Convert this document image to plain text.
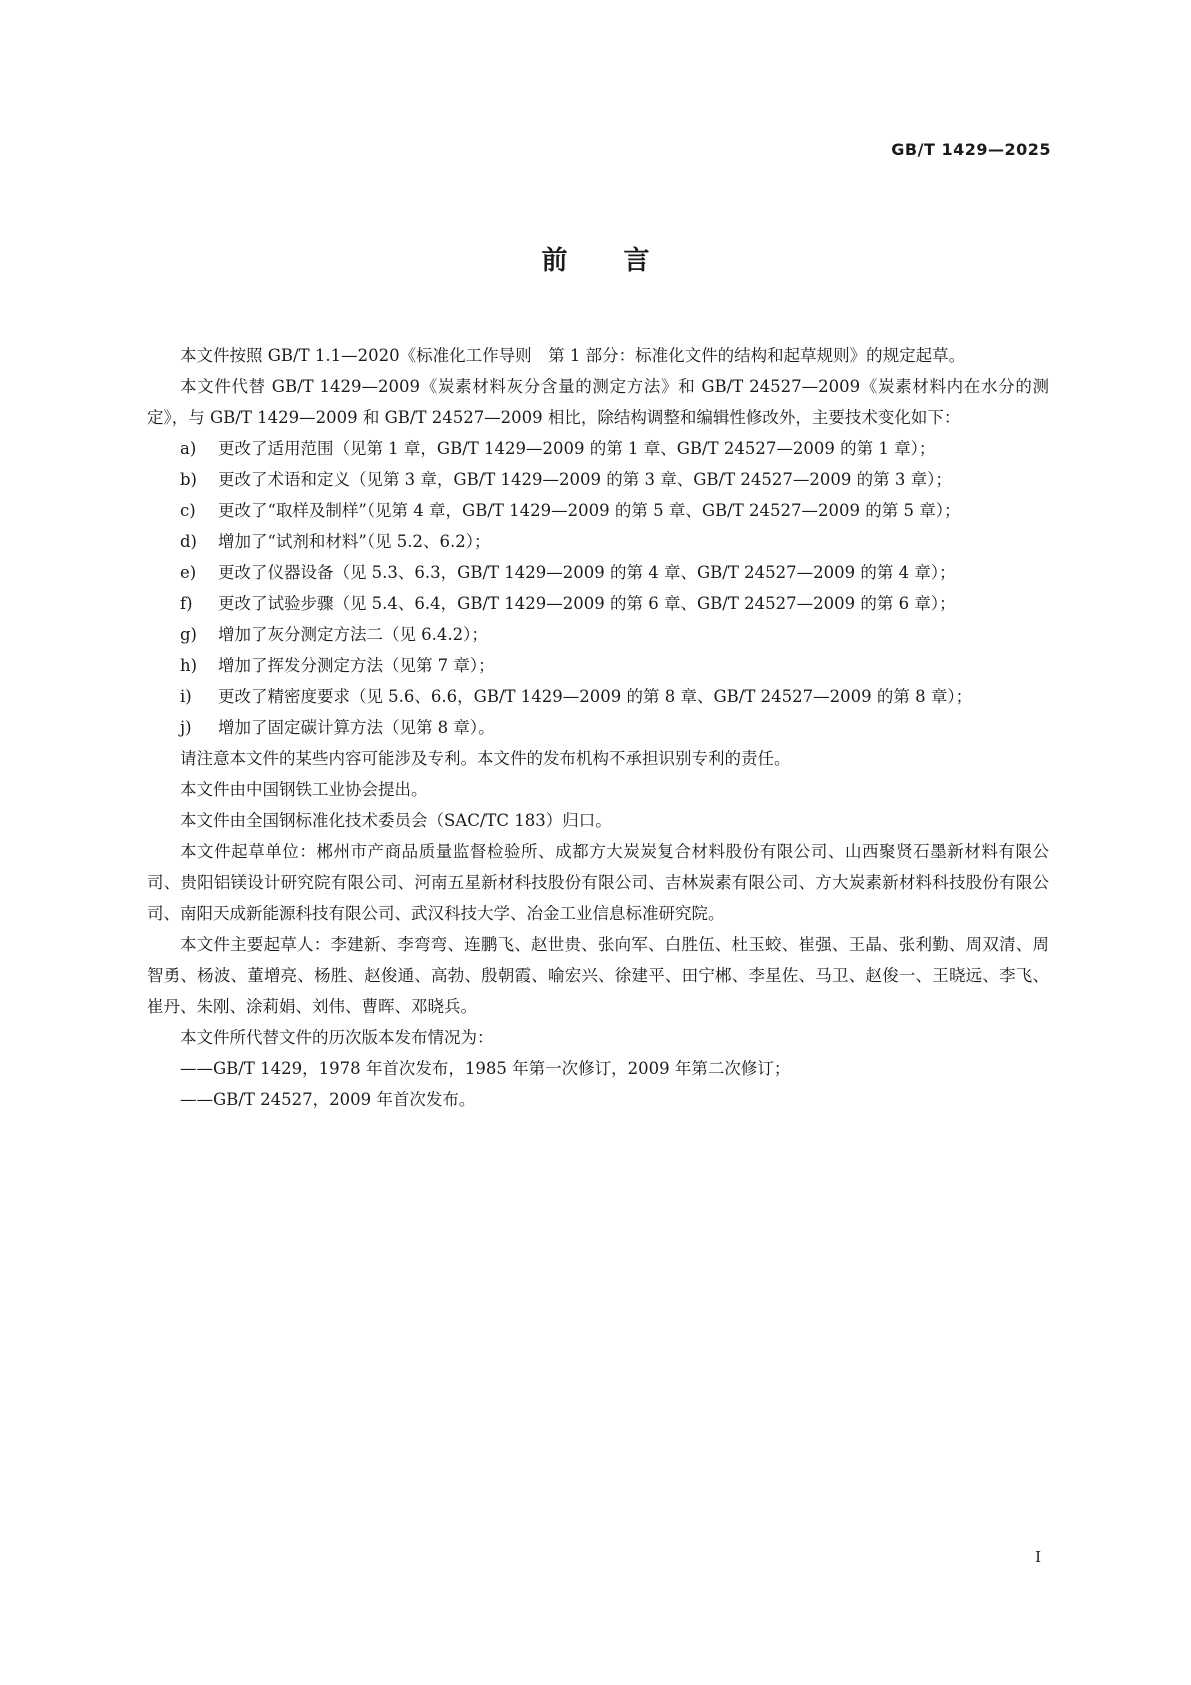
GB/T 1429—2025
前言

本文件按照 GB/T 1.1—2020《标准化工作导则　第 1 部分：标准化文件的结构和起草规则》的规定起草。

本文件代替 GB/T 1429—2009《炭素材料灰分含量的测定方法》和 GB/T 24527—2009《炭素材料内在水分的测定》，与 GB/T 1429—2009 和 GB/T 24527—2009 相比，除结构调整和编辑性修改外，主要技术变化如下：

a) 更改了适用范围（见第 1 章，GB/T 1429—2009 的第 1 章、GB/T 24527—2009 的第 1 章）；
b) 更改了术语和定义（见第 3 章，GB/T 1429—2009 的第 3 章、GB/T 24527—2009 的第 3 章）；
c) 更改了“取样及制样”（见第 4 章，GB/T 1429—2009 的第 5 章、GB/T 24527—2009 的第 5 章）；
d) 增加了“试剂和材料”（见 5.2、6.2）；
e) 更改了仪器设备（见 5.3、6.3，GB/T 1429—2009 的第 4 章、GB/T 24527—2009 的第 4 章）；
f) 更改了试验步骤（见 5.4、6.4，GB/T 1429—2009 的第 6 章、GB/T 24527—2009 的第 6 章）；
g) 增加了灰分测定方法二（见 6.4.2）；
h) 增加了挥发分测定方法（见第 7 章）；
i) 更改了精密度要求（见 5.6、6.6，GB/T 1429—2009 的第 8 章、GB/T 24527—2009 的第 8 章）；
j) 增加了固定碳计算方法（见第 8 章）。

请注意本文件的某些内容可能涉及专利。本文件的发布机构不承担识别专利的责任。

本文件由中国钢铁工业协会提出。

本文件由全国钢标准化技术委员会（SAC/TC 183）归口。

本文件起草单位：郴州市产商品质量监督检验所、成都方大炭炭复合材料股份有限公司、山西聚贤石墨新材料有限公司、贵阳铝镁设计研究院有限公司、河南五星新材科技股份有限公司、吉林炭素有限公司、方大炭素新材料科技股份有限公司、南阳天成新能源科技有限公司、武汉科技大学、冶金工业信息标准研究院。

本文件主要起草人：李建新、李弯弯、连鹏飞、赵世贵、张向军、白胜伍、杜玉蛟、崔强、王晶、张利勤、周双清、周智勇、杨波、董增亮、杨胜、赵俊通、高勃、殷朝霞、喻宏兴、徐建平、田宁郴、李星佐、马卫、赵俊一、王晓远、李飞、崔丹、朱刚、涂莉娟、刘伟、曹晖、邓晓兵。

本文件所代替文件的历次版本发布情况为：

——GB/T 1429，1978 年首次发布，1985 年第一次修订，2009 年第二次修订；

——GB/T 24527，2009 年首次发布。

I
